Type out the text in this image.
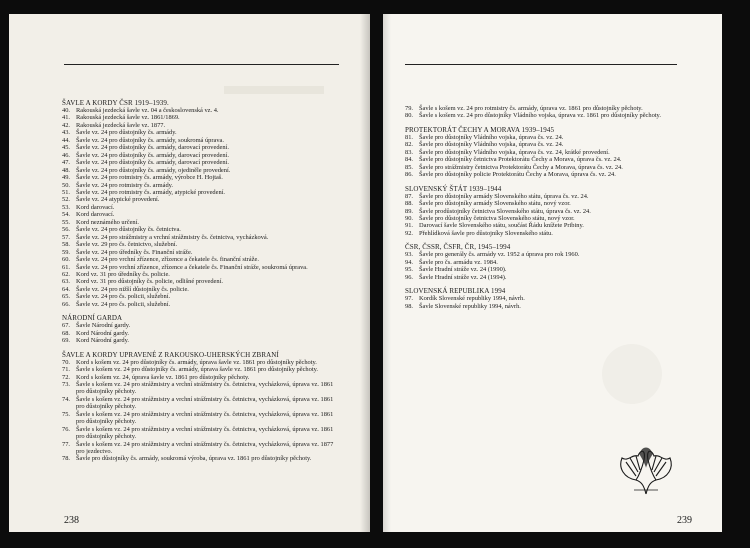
ŠAVLE A KORDY ČSR 1919–1939.
40. Rakouská jezdecká šavle vz. 04 a československá vz. 4.
41. Rakouská jezdecká šavle vz. 1861/1869.
42. Rakouská jezdecká šavle vz. 1877.
43. Šavle vz. 24 pro důstojníky čs. armády.
44. Šavle vz. 24 pro důstojníky čs. armády, soukromá úprava.
45. Šavle vz. 24 pro důstojníky čs. armády, darovací provedení.
46. Šavle vz. 24 pro důstojníky čs. armády, darovací provedení.
47. Šavle vz. 24 pro důstojníky čs. armády, darovací provedení.
48. Šavle vz. 24 pro důstojníky čs. armády, ojediněle provedení.
49. Šavle vz. 24 pro rotmistry čs. armády, výrobce H. Hojtaš.
50. Šavle vz. 24 pro rotmistry čs. armády.
51. Šavle vz. 24 pro rotmistry čs. armády, atypické provedení.
52. Šavle vz. 24 atypické provedení.
53. Kord darovací.
54. Kord darovací.
55. Kord neznámého určení.
56. Šavle vz. 24 pro důstojníky čs. četnictva.
57. Šavle vz. 24 pro strážmistry a vrchní strážmistry čs. četnictva, vycházková.
58. Šavle vz. 29 pro čs. četnictvo, služební.
59. Šavle vz. 24 pro úředníky čs. Finanční stráže.
60. Šavle vz. 24 pro vrchní zřízence, zřízence a čekatele čs. finanční stráže.
61. Šavle vz. 24 pro vrchní zřízence, zřízence a čekatele čs. Finanční stráže, soukromá úprava.
62. Kord vz. 31 pro úředníky čs. policie.
63. Kord vz. 31 pro důstojníky čs. policie, odlišné provedení.
64. Šavle vz. 24 pro nižší důstojníky čs. policie.
65. Šavle vz. 24 pro čs. policii, služební.
66. Šavle vz. 24 pro čs. policii, služební.
NÁRODNÍ GARDA
67. Šavle Národní gardy.
68. Kord Národní gardy.
69. Kord Národní gardy.
ŠAVLE A KORDY UPRAVENÉ Z RAKOUSKO-UHERSKÝCH ZBRANÍ
70. Kord s košem vz. 24 pro důstojníky čs. armády, úprava šavle vz. 1861 pro důstojníky pěchoty.
71. Šavle s košem vz. 24 pro důstojníky čs. armády, úprava šavle vz. 1861 pro důstojníky pěchoty.
72. Kord s košem vz. 24, úprava šavle vz. 1861 pro důstojníky pěchoty.
73. Šavle s košem vz. 24 pro strážmistry a vrchní strážmistry čs. četnictva, vycházková, úprava vz. 1861 pro důstojníky pěchoty.
74. Šavle s košem vz. 24 pro strážmistry a vrchní strážmistry čs. četnictva, vycházková, úprava vz. 1861 pro důstojníky pěchoty.
75. Šavle s košem vz. 24 pro strážmistry a vrchní strážmistry čs. četnictva, vycházková, úprava vz. 1861 pro důstojníky pěchoty.
76. Šavle s košem vz. 24 pro strážmistry a vrchní strážmistry čs. četnictva, vycházková, úprava vz. 1861 pro důstojníky pěchoty.
77. Šavle s košem vz. 24 pro strážmistry a vrchní strážmistry čs. četnictva, vycházková, úprava vz. 1877 pro jezdectvo.
78. Šavle pro důstojníky čs. armády, soukromá výroba, úprava vz. 1861 pro důstojníky pěchoty.
238
79. Šavle s košem vz. 24 pro rotmistry čs. armády, úprava vz. 1861 pro důstojníky pěchoty.
80. Šavle s košem vz. 24 pro důstojníky Vládního vojska, úprava vz. 1861 pro důstojníky pěchoty.
PROTEKTORÁT ČECHY A MORAVA 1939–1945
81. Šavle pro důstojníky Vládního vojska, úprava čs. vz. 24.
82. Šavle pro důstojníky Vládního vojska, úprava čs. vz. 24.
83. Šavle pro důstojníky Vládního vojska, úprava čs. vz. 24, krátké provedení.
84. Šavle pro důstojníky četnictva Protektorátu Čechy a Morava, úprava čs. vz. 24.
85. Šavle pro strážmistry četnictva Protektorátu Čechy a Morava, úprava čs. vz. 24.
86. Šavle pro důstojníky policie Protektorátu Čechy a Morava, úprava čs. vz. 24.
SLOVENSKÝ ŠTÁT 1939–1944
87. Šavle pro důstojníky armády Slovenského státu, úprava čs. vz. 24.
88. Šavle pro důstojníky armády Slovenského státu, nový vzor.
89. Šavle prodůstojníky četnictva Slovenského státu, úprava čs. vz. 24.
90. Šavle pro důstojníky četnictva Slovenského státu, nový vzor.
91. Darovací šavle Slovenského státu, součást Řádu knížete Pribiny.
92. Přehlídková šavle pro důstojníky Slovenského státu.
ČSR, ČSSR, ČSFR, ČR, 1945–1994
93. Šavle pro generály čs. armády vz. 1952 a úprava pro rok 1960.
94. Šavle pro čs. armádu vz. 1984.
95. Šavle Hradní stráže vz. 24 (1990).
96. Šavle Hradní stráže vz. 24 (1994).
SLOVENSKÁ REPUBLIKA 1994
97. Kordík Slovenské republiky 1994, návrh.
98. Šavle Slovenské republiky 1994, návrh.
239
